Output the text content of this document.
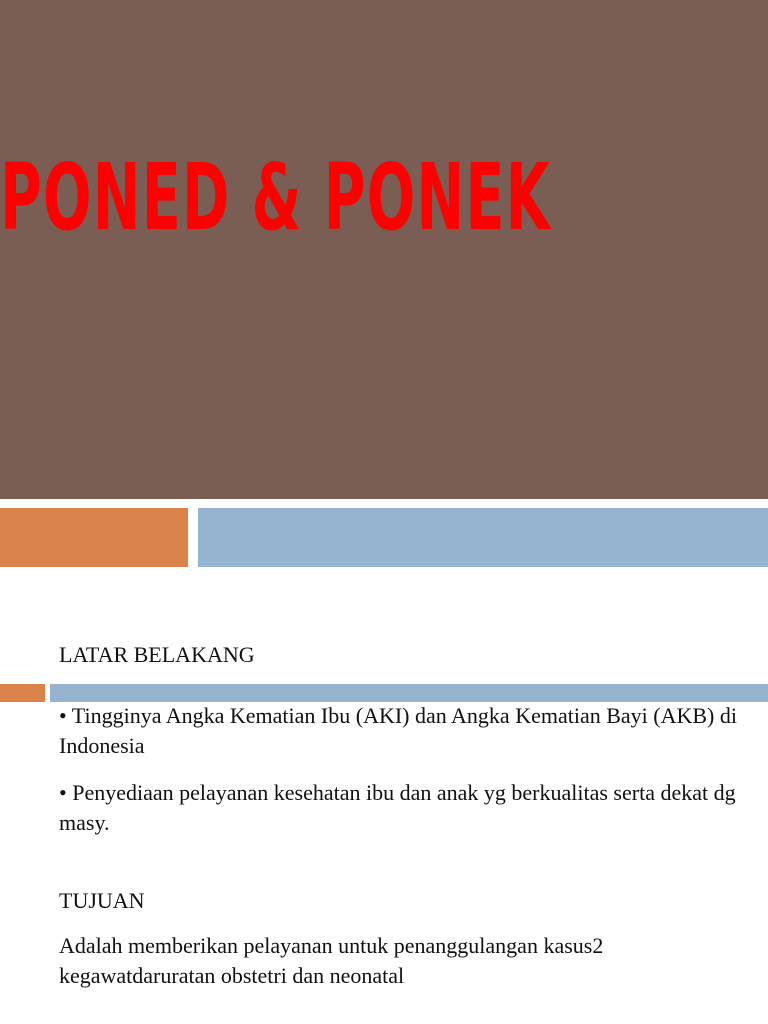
PONED & PONEK
LATAR BELAKANG
• Tingginya Angka Kematian Ibu (AKI) dan Angka Kematian Bayi (AKB) di Indonesia
• Penyediaan pelayanan kesehatan ibu dan anak yg berkualitas serta dekat dg masy.
TUJUAN
Adalah memberikan pelayanan untuk penanggulangan kasus2 kegawatdaruratan obstetri dan neonatal
